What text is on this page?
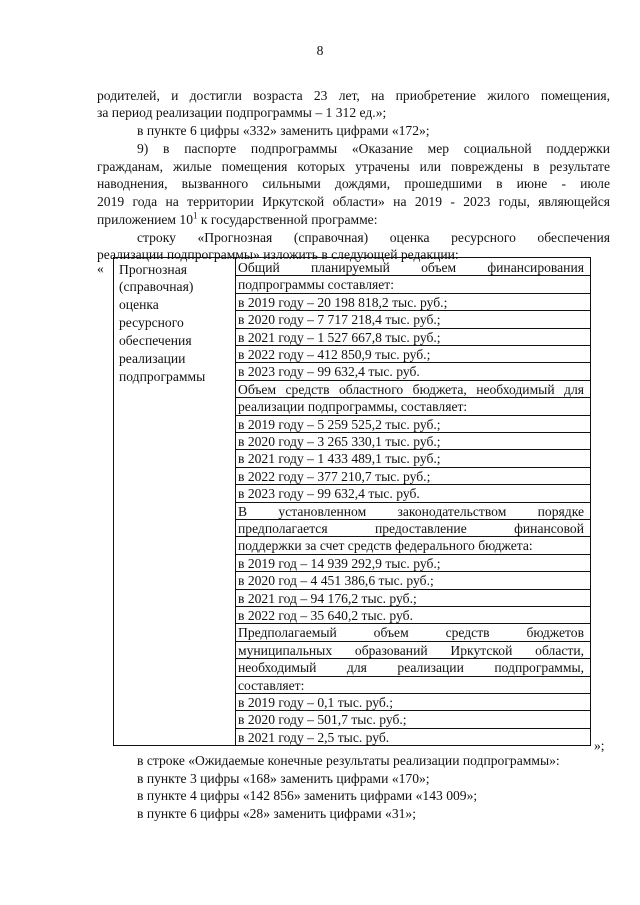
8
родителей, и достигли возраста 23 лет, на приобретение жилого помещения,
за период реализации подпрограммы – 1 312 ед.»;
в пункте 6 цифры «332» заменить цифрами «172»;
9) в паспорте подпрограммы «Оказание мер социальной поддержки
гражданам, жилые помещения которых утрачены или повреждены в результате
наводнения, вызванного сильными дождями, прошедшими в июне - июле
2019 года на территории Иркутской области» на 2019 - 2023 годы, являющейся
приложением $10^1$ к государственной программе:
строку «Прогнозная (справочная) оценка ресурсного обеспечения
реализации подпрограммы» изложить в следующей редакции:
« Прогнозная
(справочная)
оценка
ресурсного
обеспечения
реализации
подпрограммы
Общий планируемый объем финансирования
подпрограммы составляет:
в 2019 году – 20 198 818,2 тыс. руб.;
в 2020 году – 7 717 218,4 тыс. руб.;
в 2021 году – 1 527 667,8 тыс. руб.;
в 2022 году – 412 850,9 тыс. руб.;
в 2023 году – 99 632,4 тыс. руб.
Объем средств областного бюджета, необходимый для
реализации подпрограммы, составляет:
в 2019 году – 5 259 525,2 тыс. руб.;
в 2020 году – 3 265 330,1 тыс. руб.;
в 2021 году – 1 433 489,1 тыс. руб.;
в 2022 году – 377 210,7 тыс. руб.;
в 2023 году – 99 632,4 тыс. руб.
В установленном законодательством порядке
предполагается предоставление финансовой
поддержки за счет средств федерального бюджета:
в 2019 год – 14 939 292,9 тыс. руб.;
в 2020 год – 4 451 386,6 тыс. руб.;
в 2021 год – 94 176,2 тыс. руб.;
в 2022 год – 35 640,2 тыс. руб.
Предполагаемый объем средств бюджетов
муниципальных образований Иркутской области,
необходимый для реализации подпрограммы,
составляет:
в 2019 году – 0,1 тыс. руб.;
в 2020 году – 501,7 тыс. руб.;
в 2021 году – 2,5 тыс. руб.
»;
в строке «Ожидаемые конечные результаты реализации подпрограммы»:
в пункте 3 цифры «168» заменить цифрами «170»;
в пункте 4 цифры «142 856» заменить цифрами «143 009»;
в пункте 6 цифры «28» заменить цифрами «31»;
